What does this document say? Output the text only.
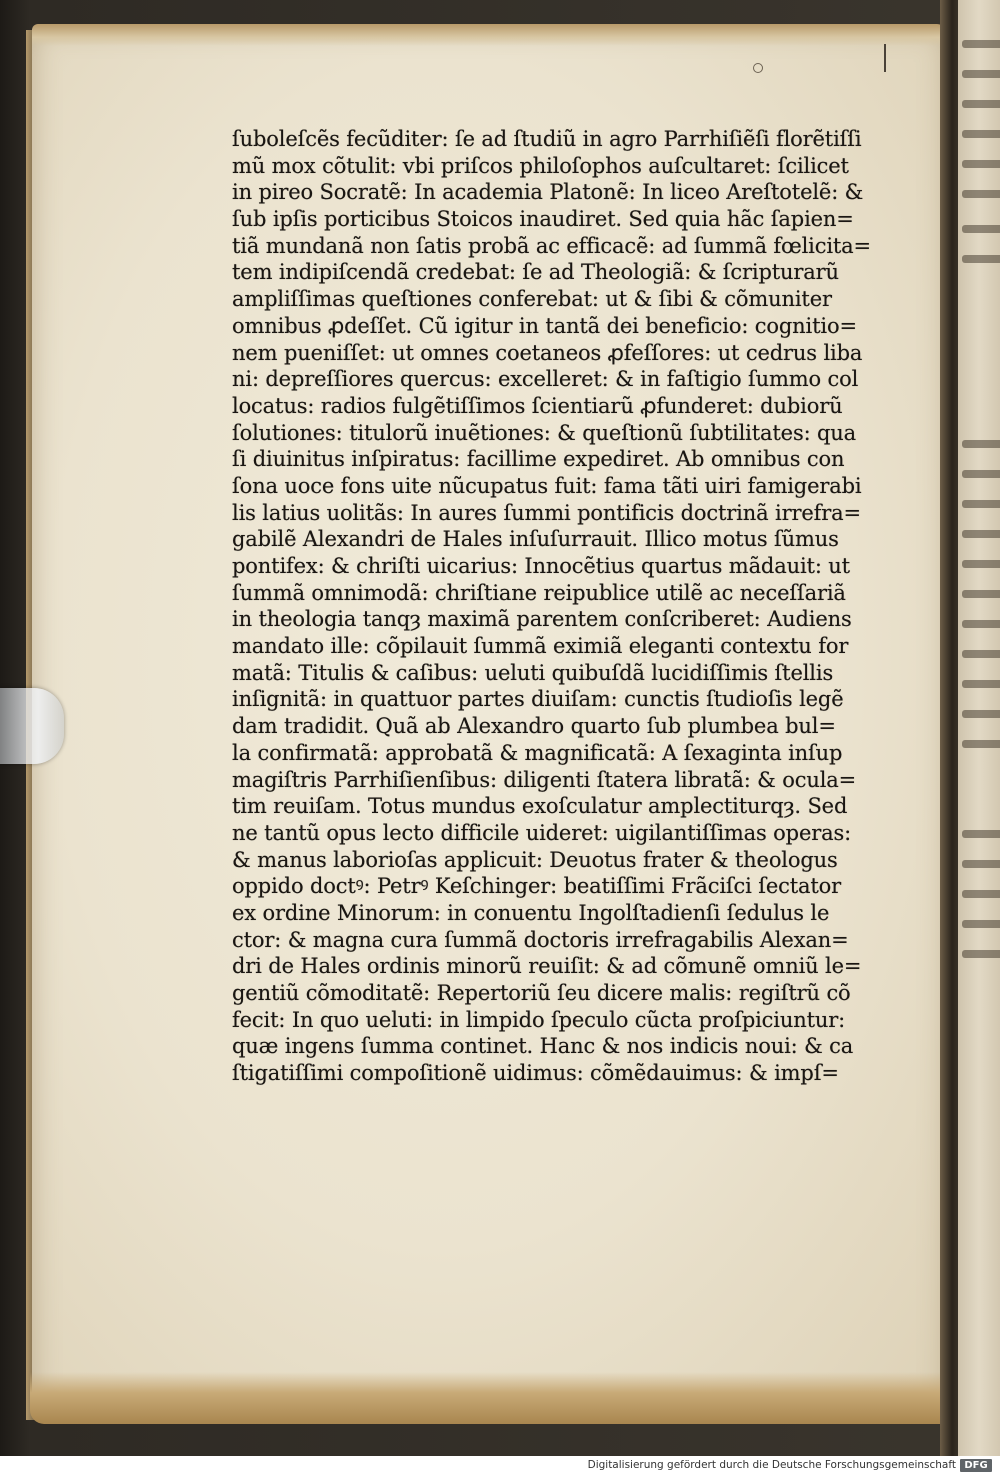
ſuboleſcẽs fecũditer: ſe ad ſtudiũ in agro Parrhiſiẽſi florẽtiſſi
mũ mox cõtulit: vbi priſcos philoſophos auſcultaret: ſcilicet
in pireo Socratẽ: In academia Platonẽ: In liceo Areſtotelẽ: &
ſub ipſis porticibus Stoicos inaudiret. Sed quia hãc ſapien=
tiã mundanã non ſatis probã ac efficacẽ: ad ſummã fœlicita=
tem indipiſcendã credebat: ſe ad Theologiã: & ſcripturarũ
ampliſſimas queſtiones conferebat: ut & ſibi & cõmuniter
omnibus ꝓdeſſet. Cũ igitur in tantã dei beneficio: cognitio=
nem pueniſſet: ut omnes coetaneos ꝓfeſſores: ut cedrus liba
ni: depreſſiores quercus: excelleret: & in faſtigio ſummo col
locatus: radios fulgẽtiſſimos ſcientiarũ ꝓfunderet: dubiorũ
ſolutiones: titulorũ inuẽtiones: & queſtionũ ſubtilitates: qua
ſi diuinitus inſpiratus: facillime expediret. Ab omnibus con
ſona uoce fons uite nũcupatus fuit: fama tãti uiri famigerabi
lis latius uolitãs: In aures ſummi pontificis doctrinã irrefra=
gabilẽ Alexandri de Hales inſuſurrauit. Illico motus ſũmus
pontifex: & chriſti uicarius: Innocẽtius quartus mãdauit: ut
ſummã omnimodã: chriſtiane reipublice utilẽ ac neceſſariã
in theologia tanqȝ maximã parentem conſcriberet: Audiens
mandato ille: cõpilauit ſummã eximiã eleganti contextu for
matã: Titulis & caſibus: ueluti quibuſdã lucidiſſimis ſtellis
inſignitã: in quattuor partes diuiſam: cunctis ſtudioſis legẽ
dam tradidit. Quã ab Alexandro quarto ſub plumbea bul=
la confirmatã: approbatã & magnificatã: A ſexaginta inſup
magiſtris Parrhiſienſibus: diligenti ſtatera libratã: & ocula=
tim reuiſam. Totus mundus exoſculatur amplectiturqȝ. Sed
ne tantũ opus lecto difficile uideret: uigilantiſſimas operas:
& manus laborioſas applicuit: Deuotus frater & theologus
oppido doctꝰ: Petrꝰ Keſchinger: beatiſſimi Frãciſci ſectator
ex ordine Minorum: in conuentu Ingolſtadienſi ſedulus le
ctor: & magna cura ſummã doctoris irrefragabilis Alexan=
dri de Hales ordinis minorũ reuiſit: & ad cõmunẽ omniũ le=
gentiũ cõmoditatẽ: Repertoriũ ſeu dicere malis: regiſtrũ cõ
fecit: In quo ueluti: in limpido ſpeculo cũcta proſpiciuntur:
quæ ingens ſumma continet. Hanc & nos indicis noui: & ca
ſtigatiſſimi compoſitionẽ uidimus: cõmẽdauimus: & impſ=
Digitalisierung gefördert durch die Deutsche Forschungsgemeinschaft DFG
